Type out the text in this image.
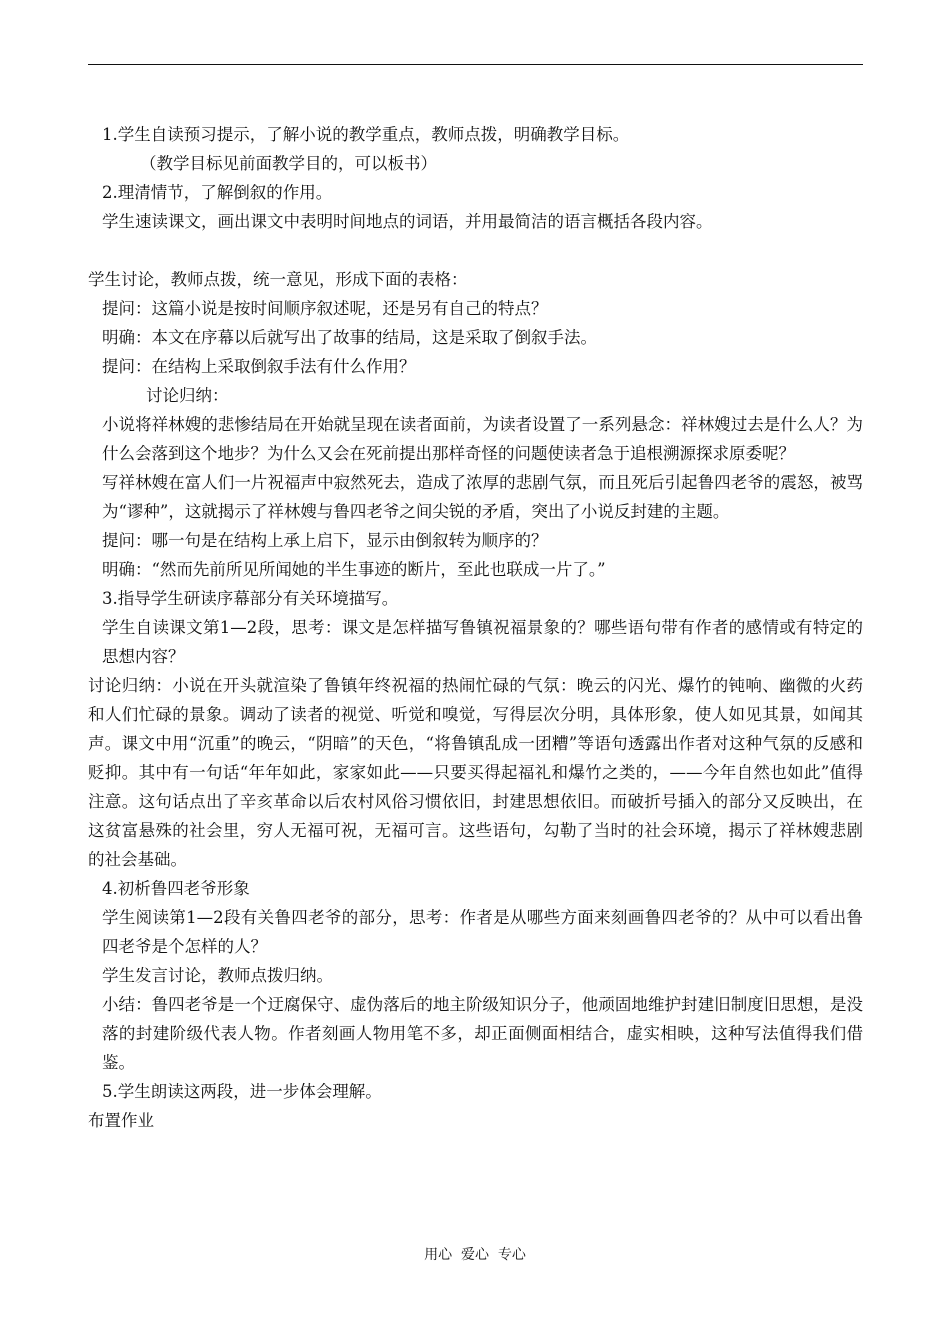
1.学生自读预习提示，了解小说的教学重点，教师点拨，明确教学目标。

（教学目标见前面教学目的，可以板书）

2.理清情节，了解倒叙的作用。

学生速读课文，画出课文中表明时间地点的词语，并用最简洁的语言概括各段内容。

学生讨论，教师点拨，统一意见，形成下面的表格：

提问：这篇小说是按时间顺序叙述呢，还是另有自己的特点？

明确：本文在序幕以后就写出了故事的结局，这是采取了倒叙手法。

提问：在结构上采取倒叙手法有什么作用？

讨论归纳：

小说将祥林嫂的悲惨结局在开始就呈现在读者面前，为读者设置了一系列悬念：祥林嫂过去是什么人？为什么会落到这个地步？为什么又会在死前提出那样奇怪的问题使读者急于追根溯源探求原委呢？

写祥林嫂在富人们一片祝福声中寂然死去，造成了浓厚的悲剧气氛，而且死后引起鲁四老爷的震怒，被骂为“谬种”，这就揭示了祥林嫂与鲁四老爷之间尖锐的矛盾，突出了小说反封建的主题。

提问：哪一句是在结构上承上启下，显示由倒叙转为顺序的？

明确：“然而先前所见所闻她的半生事迹的断片，至此也联成一片了。”

3.指导学生研读序幕部分有关环境描写。

学生自读课文第1—2段，思考：课文是怎样描写鲁镇祝福景象的？哪些语句带有作者的感情或有特定的思想内容？

讨论归纳：小说在开头就渲染了鲁镇年终祝福的热闹忙碌的气氛：晚云的闪光、爆竹的钝响、幽微的火药和人们忙碌的景象。调动了读者的视觉、听觉和嗅觉，写得层次分明，具体形象，使人如见其景，如闻其声。课文中用“沉重”的晚云，“阴暗”的天色，“将鲁镇乱成一团糟”等语句透露出作者对这种气氛的反感和贬抑。其中有一句话“年年如此，家家如此——只要买得起福礼和爆竹之类的，——今年自然也如此”值得注意。这句话点出了辛亥革命以后农村风俗习惯依旧，封建思想依旧。而破折号插入的部分又反映出，在这贫富悬殊的社会里，穷人无福可祝，无福可言。这些语句，勾勒了当时的社会环境，揭示了祥林嫂悲剧的社会基础。

4.初析鲁四老爷形象

学生阅读第1—2段有关鲁四老爷的部分，思考：作者是从哪些方面来刻画鲁四老爷的？从中可以看出鲁四老爷是个怎样的人？

学生发言讨论，教师点拨归纳。

小结：鲁四老爷是一个迂腐保守、虚伪落后的地主阶级知识分子，他顽固地维护封建旧制度旧思想，是没落的封建阶级代表人物。作者刻画人物用笔不多，却正面侧面相结合，虚实相映，这种写法值得我们借鉴。

5.学生朗读这两段，进一步体会理解。

布置作业

用心  爱心  专心
